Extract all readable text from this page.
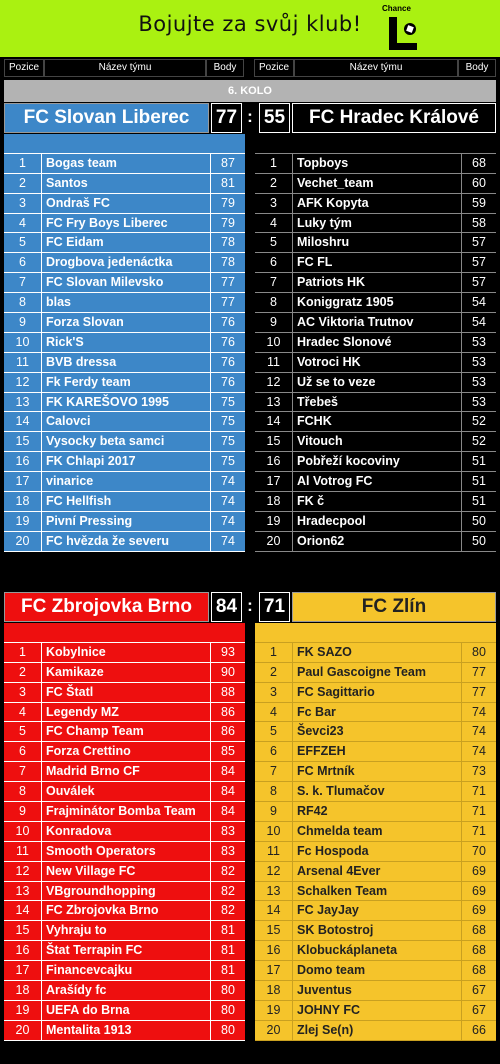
Bojujte za svůj klub!
Chance
Pozice	Název týmu	Body	Pozice	Název týmu	Body
6. KOLO
FC Slovan Liberec	77 : 55	FC Hradec Králové
1	Bogas team	87
2	Santos	81
3	Ondraš FC	79
4	FC Fry Boys Liberec	79
5	FC Eidam	78
6	Drogbova jedenáctka	78
7	FC Slovan Milevsko	77
8	blas	77
9	Forza Slovan	76
10	Rick'S	76
11	BVB dressa	76
12	Fk Ferdy team	76
13	FK KAREŠOVO 1995	75
14	Calovci	75
15	Vysocky beta samci	75
16	FK Chlapi 2017	75
17	vinarice	74
18	FC Hellfish	74
19	Pivní Pressing	74
20	FC hvězda že severu	74
1	Topboys	68
2	Vechet_team	60
3	AFK Kopyta	59
4	Luky tým	58
5	Miloshru	57
6	FC FL	57
7	Patriots HK	57
8	Koniggratz 1905	54
9	AC Viktoria Trutnov	54
10	Hradec Slonové	53
11	Votroci HK	53
12	Už se to veze	53
13	Třebeš	53
14	FCHK	52
15	Vitouch	52
16	Pobřeží kocoviny	51
17	Al Votrog FC	51
18	FK č	51
19	Hradecpool	50
20	Orion62	50
FC Zbrojovka Brno	84 : 71	FC Zlín
1	Kobylnice	93
2	Kamikaze	90
3	FC Štatl	88
4	Legendy MZ	86
5	FC Champ Team	86
6	Forza Crettino	85
7	Madrid Brno CF	84
8	Ouválek	84
9	Frajminátor Bomba Team	84
10	Konradova	83
11	Smooth Operators	83
12	New Village FC	82
13	VBgroundhopping	82
14	FC Zbrojovka Brno	82
15	Vyhraju to	81
16	Štat Terrapin FC	81
17	Financevcajku	81
18	Arašídy fc	80
19	UEFA do Brna	80
20	Mentalita 1913	80
1	FK SAZO	80
2	Paul Gascoigne Team	77
3	FC Sagittario	77
4	Fc Bar	74
5	Ševci23	74
6	EFFZEH	74
7	FC Mrtník	73
8	S. k. Tlumačov	71
9	RF42	71
10	Chmelda team	71
11	Fc Hospoda	70
12	Arsenal 4Ever	69
13	Schalken Team	69
14	FC JayJay	69
15	SK Botostroj	68
16	Klobuckáplaneta	68
17	Domo team	68
18	Juventus	67
19	JOHNY FC	67
20	Zlej Se(n)	66
